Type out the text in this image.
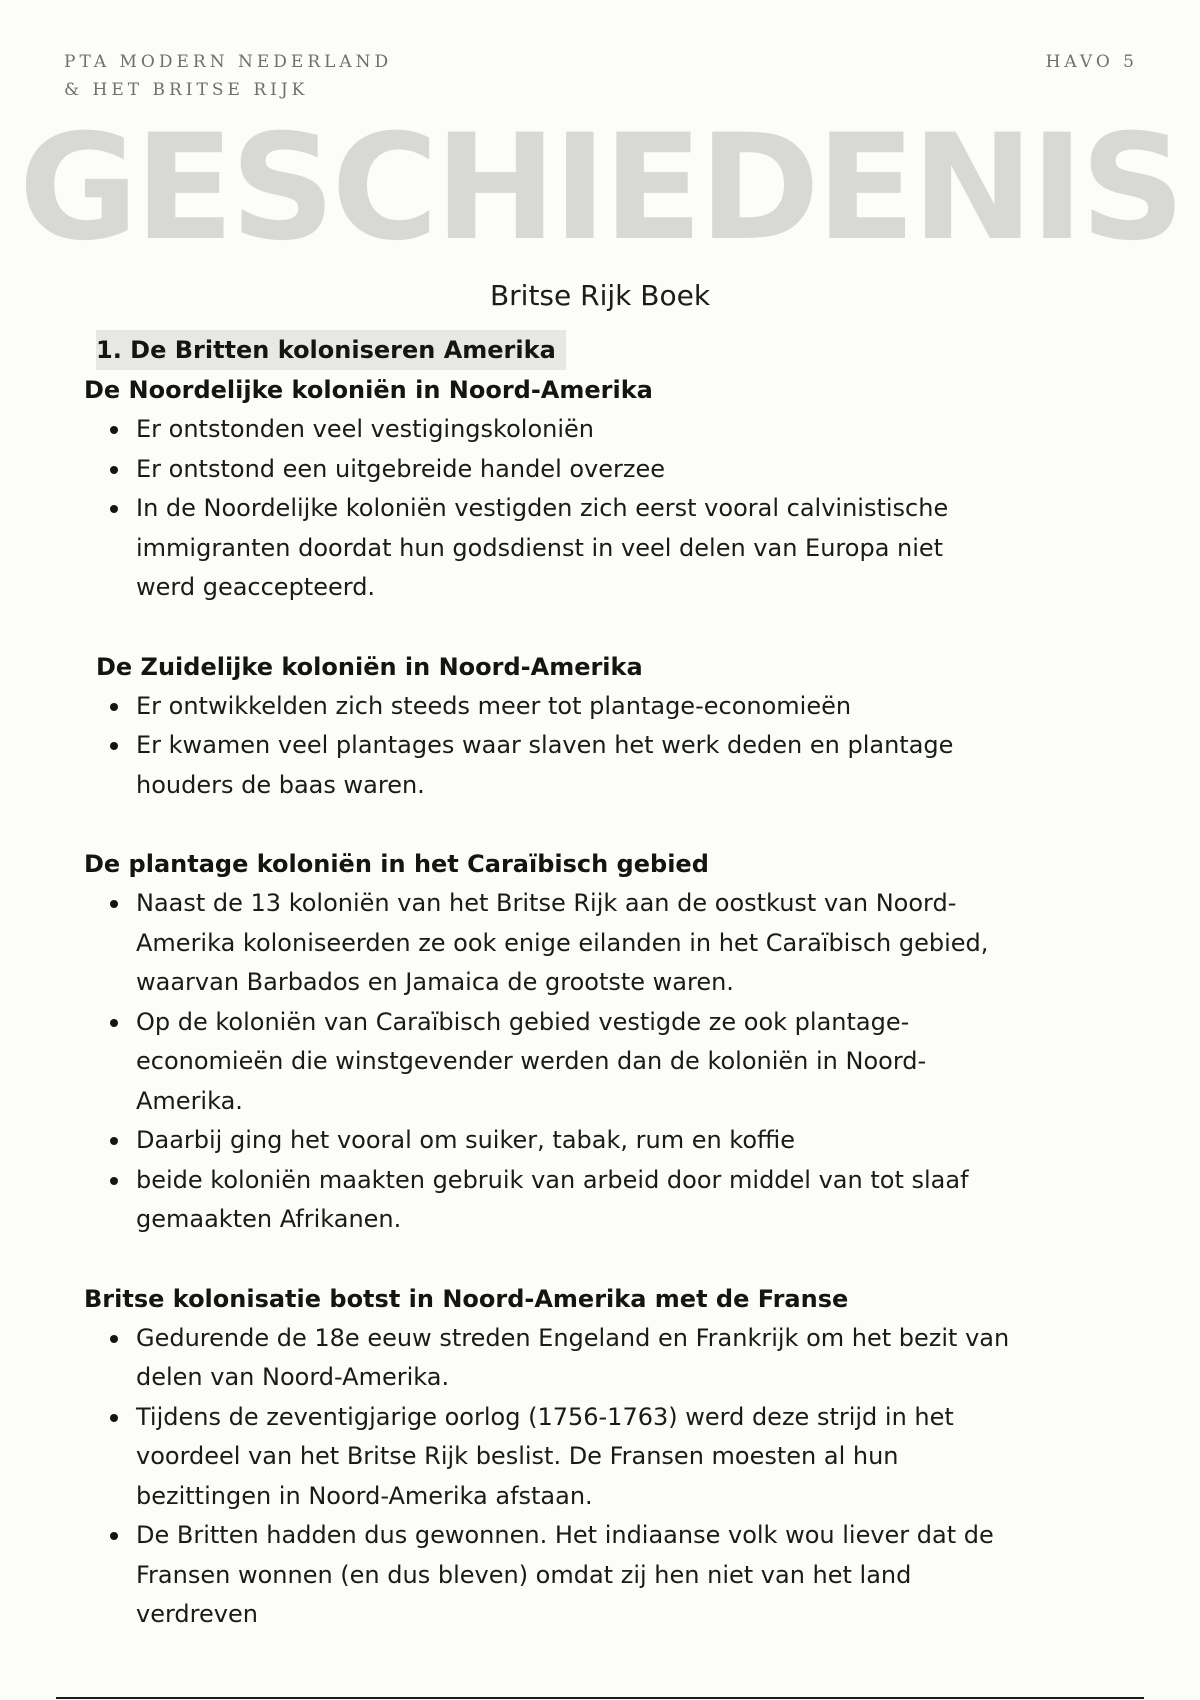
PTA MODERN NEDERLAND
& HET BRITSE RIJK
HAVO 5
GESCHIEDENIS
Britse Rijk Boek
1. De Britten koloniseren Amerika
De Noordelijke koloniën in Noord-Amerika
Er ontstonden veel vestigingskoloniën
Er ontstond een uitgebreide handel overzee
In de Noordelijke koloniën vestigden zich eerst vooral calvinistische immigranten doordat hun godsdienst in veel delen van Europa niet werd geaccepteerd.
De Zuidelijke koloniën in Noord-Amerika
Er ontwikkelden zich steeds meer tot plantage-economieën
Er kwamen veel plantages waar slaven het werk deden en plantage houders de baas waren.
De plantage koloniën in het Caraïbisch gebied
Naast de 13 koloniën van het Britse Rijk aan de oostkust van Noord-Amerika koloniseerden ze ook enige eilanden in het Caraïbisch gebied, waarvan Barbados en Jamaica de grootste waren.
Op de koloniën van Caraïbisch gebied vestigde ze ook plantage-economieën die winstgevender werden dan de koloniën in Noord-Amerika.
Daarbij ging het vooral om suiker, tabak, rum en koffie
beide koloniën maakten gebruik van arbeid door middel van tot slaaf gemaakten Afrikanen.
Britse kolonisatie botst in Noord-Amerika met de Franse
Gedurende de 18e eeuw streden Engeland en Frankrijk om het bezit van delen van Noord-Amerika.
Tijdens de zeventigjarige oorlog (1756-1763) werd deze strijd in het voordeel van het Britse Rijk beslist. De Fransen moesten al hun bezittingen in Noord-Amerika afstaan.
De Britten hadden dus gewonnen. Het indiaanse volk wou liever dat de Fransen wonnen (en dus bleven) omdat zij hen niet van het land verdreven
